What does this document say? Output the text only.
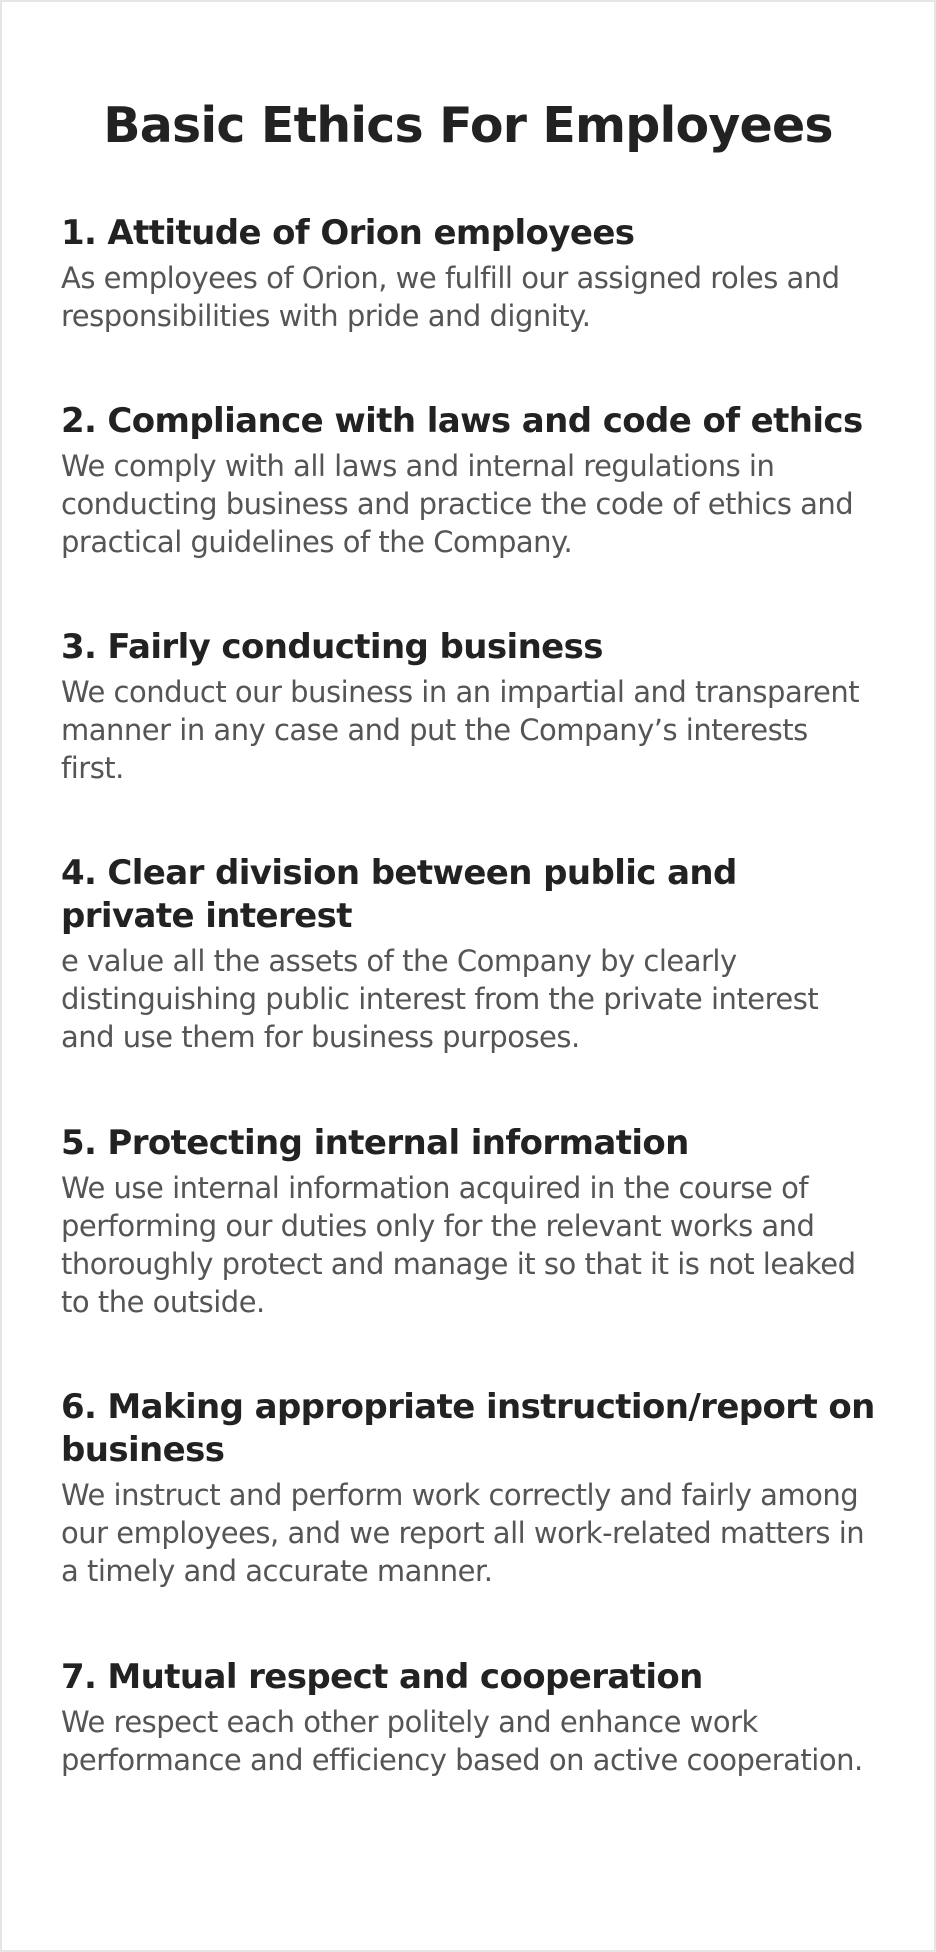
Basic Ethics For Employees
1. Attitude of Orion employees

As employees of Orion, we fulfill our assigned roles and responsibilities with pride and dignity.

2. Compliance with laws and code of ethics

We comply with all laws and internal regulations in conducting business and practice the code of ethics and practical guidelines of the Company.

3. Fairly conducting business

We conduct our business in an impartial and transparent manner in any case and put the Company’s interests first.

4. Clear division between public and private interest

e value all the assets of the Company by clearly distinguishing public interest from the private interest and use them for business purposes.

5. Protecting internal information

We use internal information acquired in the course of performing our duties only for the relevant works and thoroughly protect and manage it so that it is not leaked to the outside.

6. Making appropriate instruction/report on business

We instruct and perform work correctly and fairly among our employees, and we report all work-related matters in a timely and accurate manner.

7. Mutual respect and cooperation

We respect each other politely and enhance work performance and efficiency based on active cooperation.
